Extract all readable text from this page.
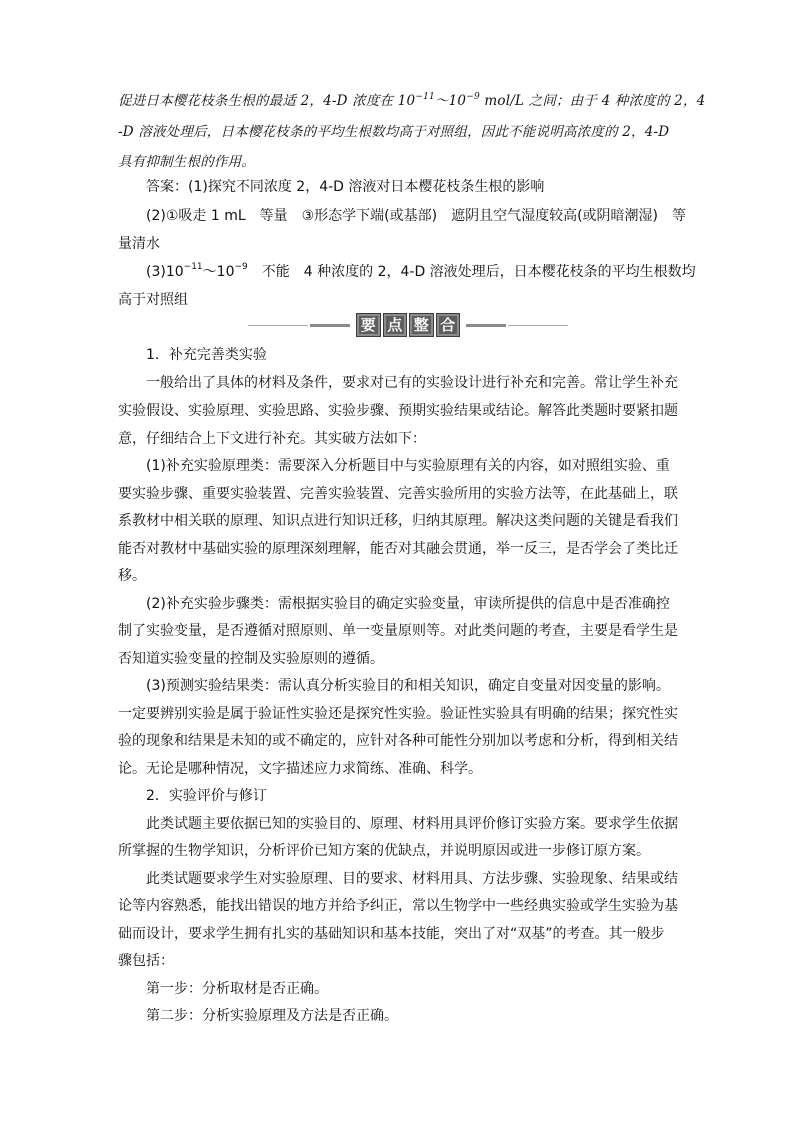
促进日本樱花枝条生根的最适 2，4-D 浓度在 $10^{-11}\sim 10^{-9}$ mol/L 之间；由于 4 种浓度的 2，4
-D 溶液处理后，日本樱花枝条的平均生根数均高于对照组，因此不能说明高浓度的 2，4-D
具有抑制生根的作用。
答案：(1)探究不同浓度 2，4-D 溶液对日本樱花枝条生根的影响
(2)①吸走 1 mL　等量　③形态学下端(或基部)　遮阴且空气湿度较高(或阴暗潮湿)　等
量清水
$(3)10^{-11}\sim 10^{-9}$　不能　4 种浓度的 2，4-D 溶液处理后，日本樱花枝条的平均生根数均
高于对照组
要 点 整 合
1．补充完善类实验
一般给出了具体的材料及条件，要求对已有的实验设计进行补充和完善。常让学生补充
实验假设、实验原理、实验思路、实验步骤、预期实验结果或结论。解答此类题时要紧扣题
意，仔细结合上下文进行补充。其实破方法如下：
(1)补充实验原理类：需要深入分析题目中与实验原理有关的内容，如对照组实验、重
要实验步骤、重要实验装置、完善实验装置、完善实验所用的实验方法等，在此基础上，联
系教材中相关联的原理、知识点进行知识迁移，归纳其原理。解决这类问题的关键是看我们
能否对教材中基础实验的原理深刻理解，能否对其融会贯通，举一反三，是否学会了类比迁
移。
(2)补充实验步骤类：需根据实验目的确定实验变量，审读所提供的信息中是否准确控
制了实验变量，是否遵循对照原则、单一变量原则等。对此类问题的考查，主要是看学生是
否知道实验变量的控制及实验原则的遵循。
(3)预测实验结果类：需认真分析实验目的和相关知识，确定自变量对因变量的影响。
一定要辨别实验是属于验证性实验还是探究性实验。验证性实验具有明确的结果；探究性实
验的现象和结果是未知的或不确定的，应针对各种可能性分别加以考虑和分析，得到相关结
论。无论是哪种情况，文字描述应力求简练、准确、科学。
2．实验评价与修订
此类试题主要依据已知的实验目的、原理、材料用具评价修订实验方案。要求学生依据
所掌握的生物学知识，分析评价已知方案的优缺点，并说明原因或进一步修订原方案。
此类试题要求学生对实验原理、目的要求、材料用具、方法步骤、实验现象、结果或结
论等内容熟悉，能找出错误的地方并给予纠正，常以生物学中一些经典实验或学生实验为基
础而设计，要求学生拥有扎实的基础知识和基本技能，突出了对“双基”的考查。其一般步
骤包括：
第一步：分析取材是否正确。
第二步：分析实验原理及方法是否正确。
